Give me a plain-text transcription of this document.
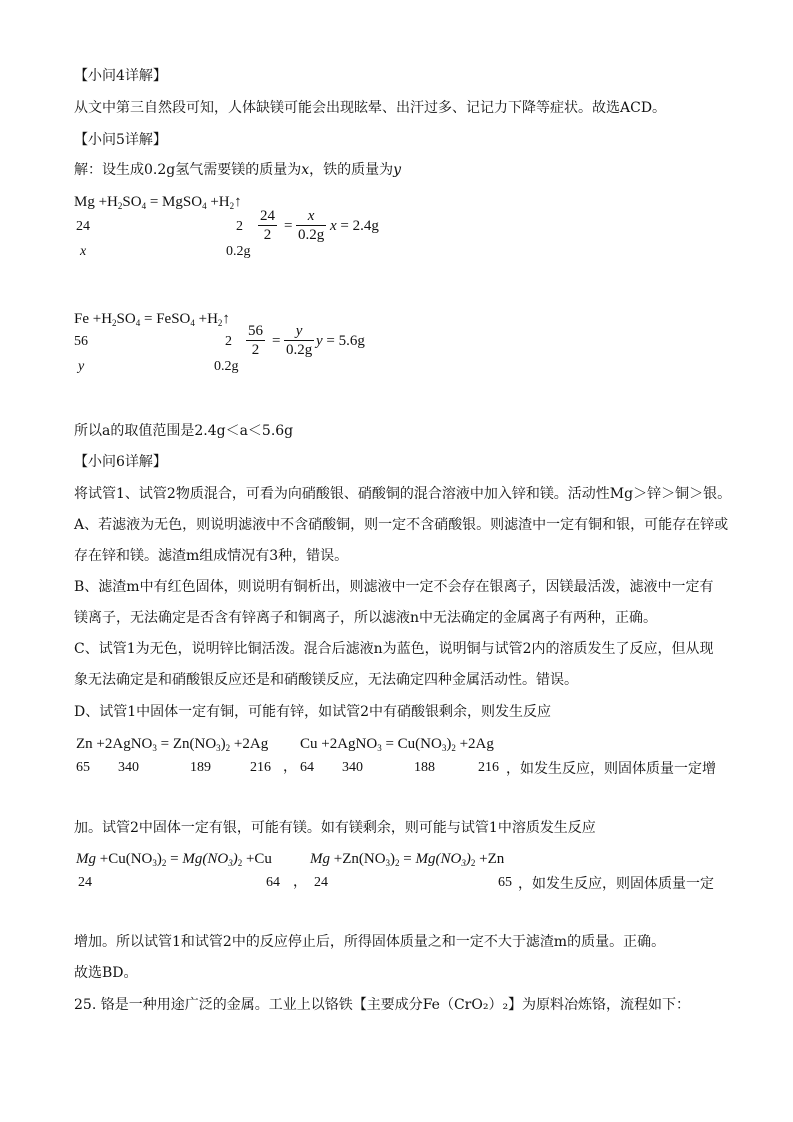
【小问4详解】
从文中第三自然段可知，人体缺镁可能会出现眩晕、出汗过多、记记力下降等症状。故选ACD。
【小问5详解】
解：设生成0.2g氢气需要镁的质量为x，铁的质量为y
$Mg +H_2SO_4$ = MgSO$_4$ $+H_2↑$
24	2
x	0.2g
24
2
=
x
0.2g
x = 2.4g
$Fe +H_2SO_4$ = FeSO$_4$ $+H_2↑$
56	2
y	0.2g
56
2
=
y
0.2g
y = 5.6g
所以a的取值范围是2.4g＜a＜5.6g
【小问6详解】
将试管1、试管2物质混合，可看为向硝酸银、硝酸铜的混合溶液中加入锌和镁。活动性Mg＞锌＞铜＞银。
A、若滤液为无色，则说明滤液中不含硝酸铜，则一定不含硝酸银。则滤渣中一定有铜和银，可能存在锌或
存在锌和镁。滤渣m组成情况有3种，错误。
B、滤渣m中有红色固体，则说明有铜析出，则滤液中一定不会存在银离子，因镁最活泼，滤液中一定有
镁离子，无法确定是否含有锌离子和铜离子，所以滤液n中无法确定的金属离子有两种，正确。
C、试管1为无色，说明锌比铜活泼。混合后滤液n为蓝色，说明铜与试管2内的溶质发生了反应，但从现
象无法确定是和硝酸银反应还是和硝酸镁反应，无法确定四种金属活动性。错误。
D、试管1中固体一定有铜，可能有锌，如试管2中有硝酸银剩余，则发生反应
Zn +2AgNO$_3$ = $Zn(NO_3)_2 +2Ag$
65 340	189	216 ，
Cu +2AgNO$_3$ = $Cu(NO_3)_2 +2Ag$
64 340	188	216 ，如发生反应，则固体质量一定增
加。试管2中固体一定有银，可能有镁。如有镁剩余，则可能与试管1中溶质发生反应
$Mg +Cu(NO_3)_2 = Mg(NO_3)_2 +Cu$
24	64 ，
$Mg +Zn(NO_3)_2 = Mg(NO_3)_2 +Zn$
24	65 ，如发生反应，则固体质量一定
增加。所以试管1和试管2中的反应停止后，所得固体质量之和一定不大于滤渣m的质量。正确。
故选BD。
25. 铬是一种用途广泛的金属。工业上以铬铁【主要成分Fe（CrO₂）₂】为原料冶炼铬，流程如下：
